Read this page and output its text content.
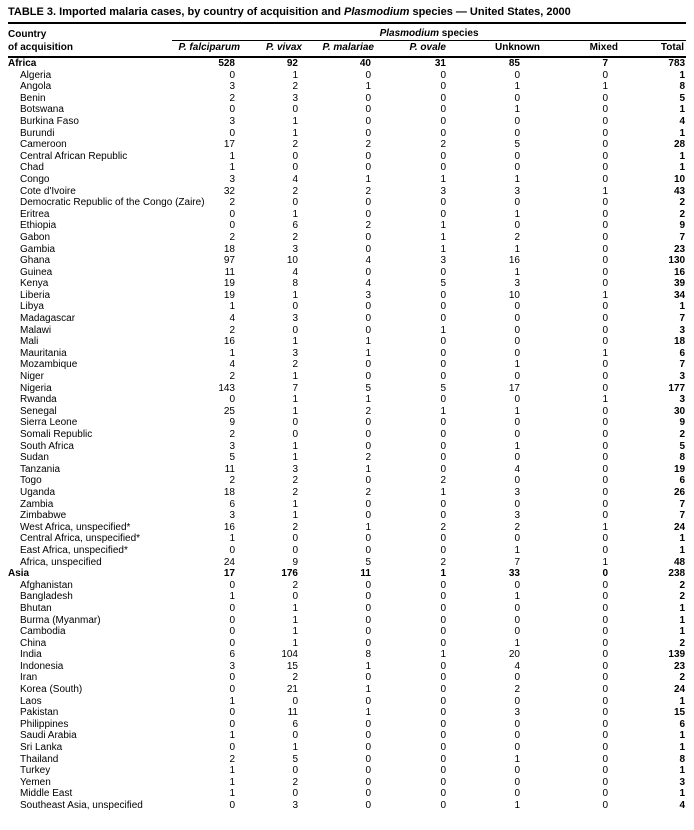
TABLE 3. Imported malaria cases, by country of acquisition and Plasmodium species — United States, 2000
Country	Plasmodium species						
of acquisition	P. falciparum	P. vivax	P. malariae	P. ovale	Unknown	Mixed	Total
Africa	528	92	40	31	85	7	783
Algeria	0	1	0	0	0	0	1
Angola	3	2	1	0	1	1	8
Benin	2	3	0	0	0	0	5
Botswana	0	0	0	0	1	0	1
Burkina Faso	3	1	0	0	0	0	4
Burundi	0	1	0	0	0	0	1
Cameroon	17	2	2	2	5	0	28
Central African Republic	1	0	0	0	0	0	1
Chad	1	0	0	0	0	0	1
Congo	3	4	1	1	1	0	10
Cote d'Ivoire	32	2	2	3	3	1	43
Democratic Republic of the Congo (Zaire)	2	0	0	0	0	0	2
Eritrea	0	1	0	0	1	0	2
Ethiopia	0	6	2	1	0	0	9
Gabon	2	2	0	1	2	0	7
Gambia	18	3	0	1	1	0	23
Ghana	97	10	4	3	16	0	130
Guinea	11	4	0	0	1	0	16
Kenya	19	8	4	5	3	0	39
Liberia	19	1	3	0	10	1	34
Libya	1	0	0	0	0	0	1
Madagascar	4	3	0	0	0	0	7
Malawi	2	0	0	1	0	0	3
Mali	16	1	1	0	0	0	18
Mauritania	1	3	1	0	0	1	6
Mozambique	4	2	0	0	1	0	7
Niger	2	1	0	0	0	0	3
Nigeria	143	7	5	5	17	0	177
Rwanda	0	1	1	0	0	1	3
Senegal	25	1	2	1	1	0	30
Sierra Leone	9	0	0	0	0	0	9
Somali Republic	2	0	0	0	0	0	2
South Africa	3	1	0	0	1	0	5
Sudan	5	1	2	0	0	0	8
Tanzania	11	3	1	0	4	0	19
Togo	2	2	0	2	0	0	6
Uganda	18	2	2	1	3	0	26
Zambia	6	1	0	0	0	0	7
Zimbabwe	3	1	0	0	3	0	7
West Africa, unspecified*	16	2	1	2	2	1	24
Central Africa, unspecified*	1	0	0	0	0	0	1
East Africa, unspecified*	0	0	0	0	1	0	1
Africa, unspecified	24	9	5	2	7	1	48
Asia	17	176	11	1	33	0	238
Afghanistan	0	2	0	0	0	0	2
Bangladesh	1	0	0	0	1	0	2
Bhutan	0	1	0	0	0	0	1
Burma (Myanmar)	0	1	0	0	0	0	1
Cambodia	0	1	0	0	0	0	1
China	0	1	0	0	1	0	2
India	6	104	8	1	20	0	139
Indonesia	3	15	1	0	4	0	23
Iran	0	2	0	0	0	0	2
Korea (South)	0	21	1	0	2	0	24
Laos	1	0	0	0	0	0	1
Pakistan	0	11	1	0	3	0	15
Philippines	0	6	0	0	0	0	6
Saudi Arabia	1	0	0	0	0	0	1
Sri Lanka	0	1	0	0	0	0	1
Thailand	2	5	0	0	1	0	8
Turkey	1	0	0	0	0	0	1
Yemen	1	2	0	0	0	0	3
Middle East	1	0	0	0	0	0	1
Southeast Asia, unspecified	0	3	0	0	1	0	4
